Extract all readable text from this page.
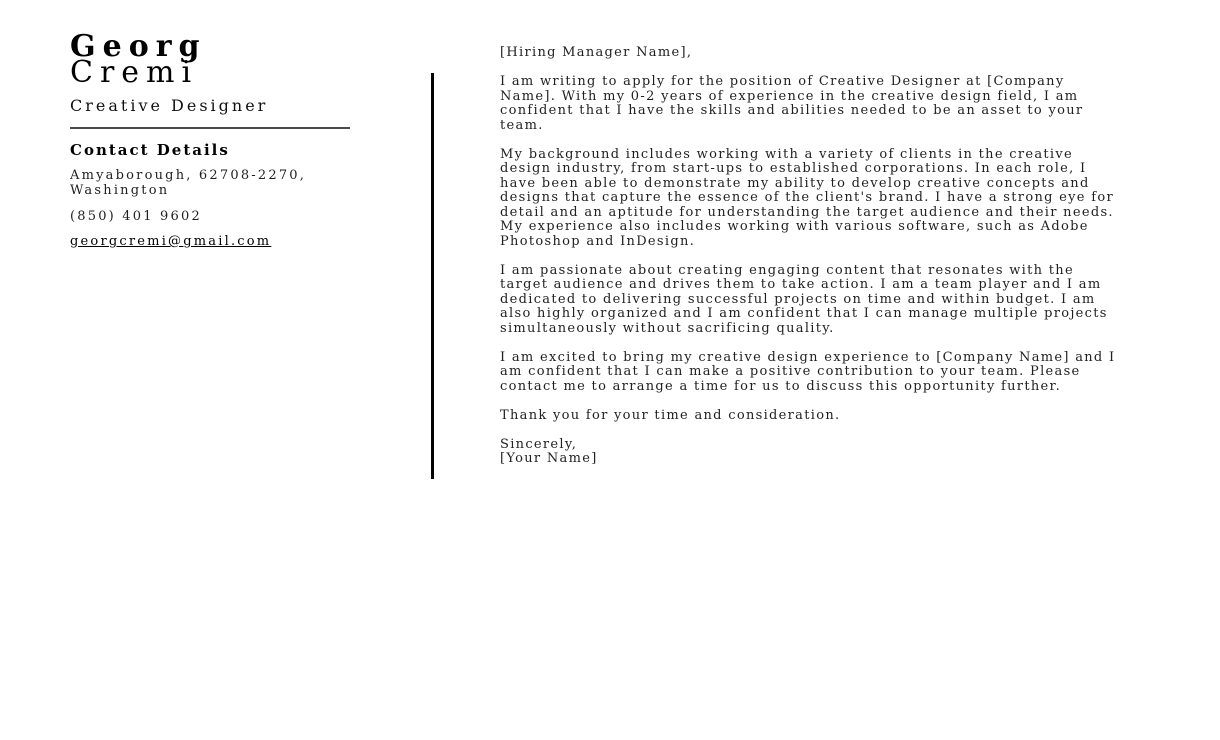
Georg
Cremi
Creative Designer
Contact Details
Amyaborough, 62708-2270, Washington
(850) 401 9602
georgcremi@gmail.com

[Hiring Manager Name],

I am writing to apply for the position of Creative Designer at [Company Name]. With my 0-2 years of experience in the creative design field, I am confident that I have the skills and abilities needed to be an asset to your team.

My background includes working with a variety of clients in the creative design industry, from start-ups to established corporations. In each role, I have been able to demonstrate my ability to develop creative concepts and designs that capture the essence of the client's brand. I have a strong eye for detail and an aptitude for understanding the target audience and their needs. My experience also includes working with various software, such as Adobe Photoshop and InDesign.

I am passionate about creating engaging content that resonates with the target audience and drives them to take action. I am a team player and I am dedicated to delivering successful projects on time and within budget. I am also highly organized and I am confident that I can manage multiple projects simultaneously without sacrificing quality.

I am excited to bring my creative design experience to [Company Name] and I am confident that I can make a positive contribution to your team. Please contact me to arrange a time for us to discuss this opportunity further.

Thank you for your time and consideration.

Sincerely,
[Your Name]
